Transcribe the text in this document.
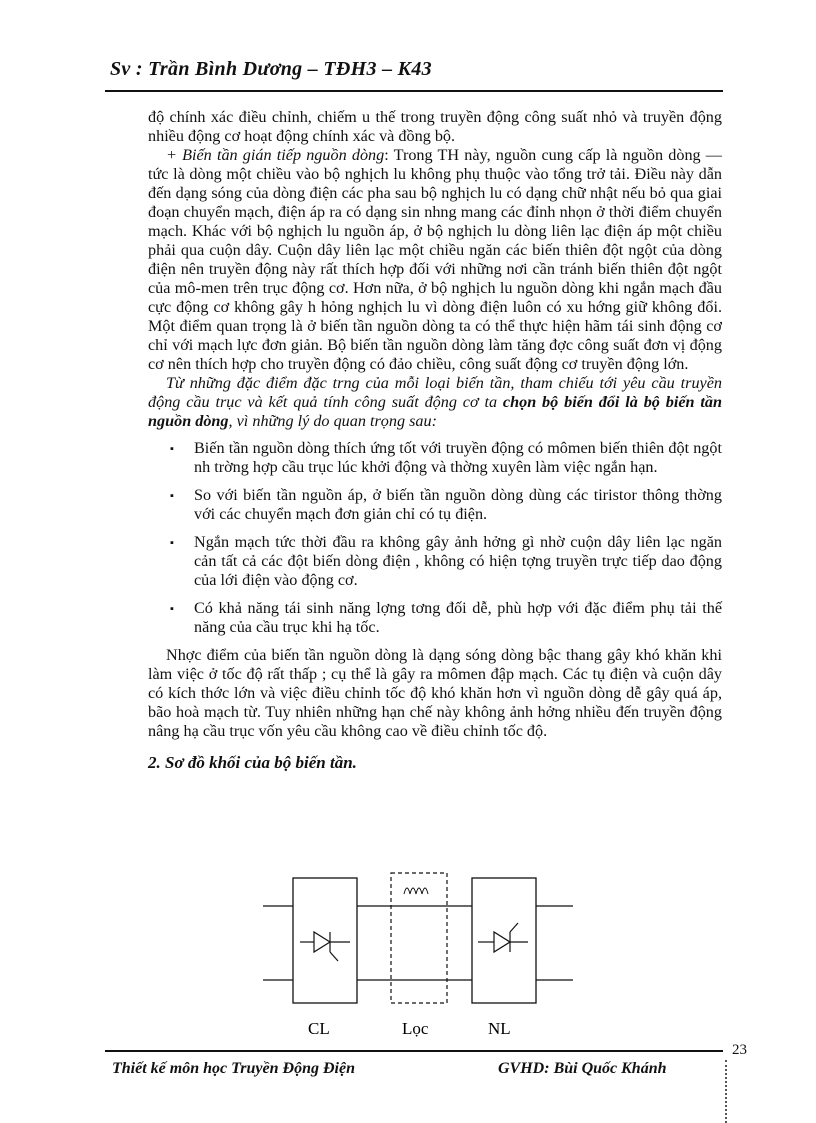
Sv : Trần Bình Dương – TĐH3 – K43

độ chính xác điều chỉnh, chiếm u thế trong truyền động công suất nhỏ và truyền động nhiều động cơ hoạt động chính xác và đồng bộ.

+ Biến tần gián tiếp nguồn dòng: Trong TH này, nguồn cung cấp là nguồn dòng — tức là dòng một chiều vào bộ nghịch lu không phụ thuộc vào tổng trở tải. Điều này dẫn đến dạng sóng của dòng điện các pha sau bộ nghịch lu có dạng chữ nhật nếu bỏ qua giai đoạn chuyển mạch, điện áp ra có dạng sin nhng mang các đỉnh nhọn ở thời điểm chuyển mạch. Khác với bộ nghịch lu nguồn áp, ở bộ nghịch lu dòng liên lạc điện áp một chiều phải qua cuộn dây. Cuộn dây liên lạc một chiều ngăn các biến thiên đột ngột của dòng điện nên truyền động này rất thích hợp đối với những nơi cần tránh biến thiên đột ngột của mô-men trên trục động cơ. Hơn nữa, ở bộ nghịch lu nguồn dòng khi ngắn mạch đầu cực động cơ không gây h hỏng nghịch lu vì dòng điện luôn có xu hớng giữ không đổi. Một điểm quan trọng là ở biến tần nguồn dòng ta có thể thực hiện hãm tái sinh động cơ chỉ với mạch lực đơn giản. Bộ biến tần nguồn dòng làm tăng đợc công suất đơn vị động cơ nên thích hợp cho truyền động có đảo chiều, công suất động cơ truyền động lớn.

Từ những đặc điểm đặc trng của mỗi loại biến tần, tham chiếu tới yêu cầu truyền động cầu trục và kết quả tính công suất động cơ ta chọn bộ biến đổi là bộ biến tần nguồn dòng, vì những lý do quan trọng sau:

▪ Biến tần nguồn dòng thích ứng tốt với truyền động có mômen biến thiên đột ngột nh trờng hợp cầu trục lúc khởi động và thờng xuyên làm việc ngắn hạn.
▪ So với biến tần nguồn áp, ở biến tần nguồn dòng dùng các tiristor thông thờng với các chuyển mạch đơn giản chỉ có tụ điện.
▪ Ngắn mạch tức thời đầu ra không gây ảnh hởng gì nhờ cuộn dây liên lạc ngăn cản tất cả các đột biến dòng điện , không có hiện tợng truyền trực tiếp dao động của lới điện vào động cơ.
▪ Có khả năng tái sinh năng lợng tơng đối dễ, phù hợp với đặc điểm phụ tải thế năng của cầu trục khi hạ tốc.

Nhợc điểm của biến tần nguồn dòng là dạng sóng dòng bậc thang gây khó khăn khi làm việc ở tốc độ rất thấp ; cụ thể là gây ra mômen đập mạch. Các tụ điện và cuộn dây có kích thớc lớn và việc điều chỉnh tốc độ khó khăn hơn vì nguồn dòng dễ gây quá áp, bão hoà mạch từ. Tuy nhiên những hạn chế này không ảnh hởng nhiều đến truyền động nâng hạ cầu trục vốn yêu cầu không cao về điều chỉnh tốc độ.

2. Sơ đồ khối của bộ biến tần.

CL	Lọc	NL
23
Thiết kế môn học Truyền Động Điện	GVHD: Bùi Quốc Khánh
